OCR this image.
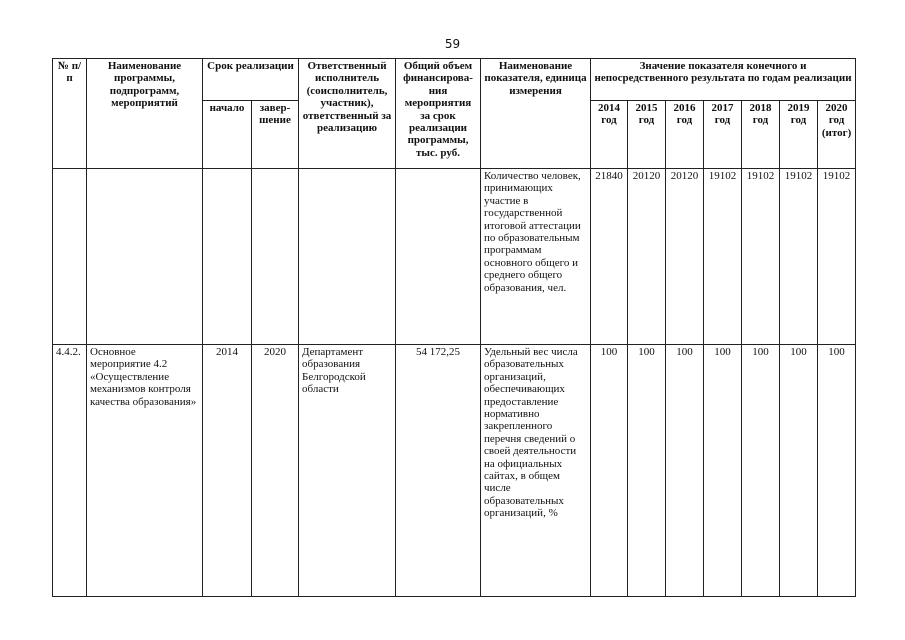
59
№ п/п	Наименование программы, подпрограмм, мероприятий	Срок реализации		Ответственный исполнитель (соисполнитель, участник), ответственный за реализацию	Общий объем финансирова- ния мероприятия за срок реализации программы, тыс. руб.	Наименование показателя, единица измерения	Значение показателя конечного и непосредственного результата по годам реализации						
		начало	завер- шение				2014 год	2015 год	2016 год	2017 год	2018 год	2019 год	2020 год (итог)
						Количество человек, принимающих участие в государственной итоговой аттестации по образовательным программам основного общего и среднего общего образования, чел.	21840	20120	20120	19102	19102	19102	19102
4.4.2.	Основное мероприятие 4.2 «Осуществление механизмов контроля качества образования»	2014	2020	Департамент образования Белгородской области	54 172,25	Удельный вес числа образовательных организаций, обеспечивающих предоставление нормативно закрепленного перечня сведений о своей деятельности на официальных сайтах, в общем числе образовательных организаций, %	100	100	100	100	100	100	100
